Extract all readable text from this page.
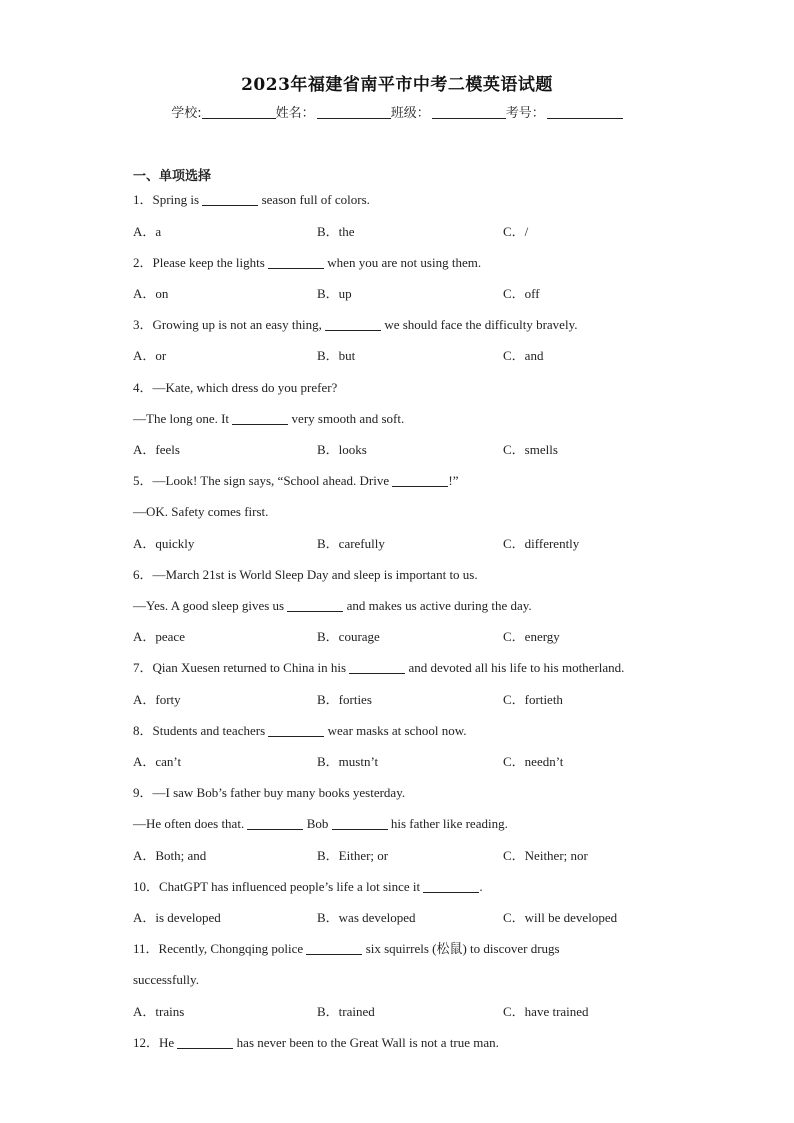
2023年福建省南平市中考二模英语试题
学校:	姓名：	班级：	考号：
一、单项选择
1．Spring is	season full of colors.
A．a	B．the	C．/
2．Please keep the lights	when you are not using them.
A．on	B．up	C．off
3．Growing up is not an easy thing,	we should face the difficulty bravely.
A．or	B．but	C．and
4．—Kate, which dress do you prefer?
—The long one. It	very smooth and soft.
A．feels	B．looks	C．smells
5．—Look! The sign says, “School ahead. Drive	!”
—OK. Safety comes first.
A．quickly	B．carefully	C．differently
6．—March 21st is World Sleep Day and sleep is important to us.
—Yes. A good sleep gives us	and makes us active during the day.
A．peace	B．courage	C．energy
7．Qian Xuesen returned to China in his	and devoted all his life to his motherland.
A．forty	B．forties	C．fortieth
8．Students and teachers	wear masks at school now.
A．can’t	B．mustn’t	C．needn’t
9．—I saw Bob’s father buy many books yesterday.
—He often does that.	Bob	his father like reading.
A．Both; and	B．Either; or	C．Neither; nor
10．ChatGPT has influenced people’s life a lot since it	.
A．is developed	B．was developed	C．will be developed
11．Recently, Chongqing police	six squirrels (松鼠) to discover drugs
successfully.
A．trains	B．trained	C．have trained
12．He	has never been to the Great Wall is not a true man.
